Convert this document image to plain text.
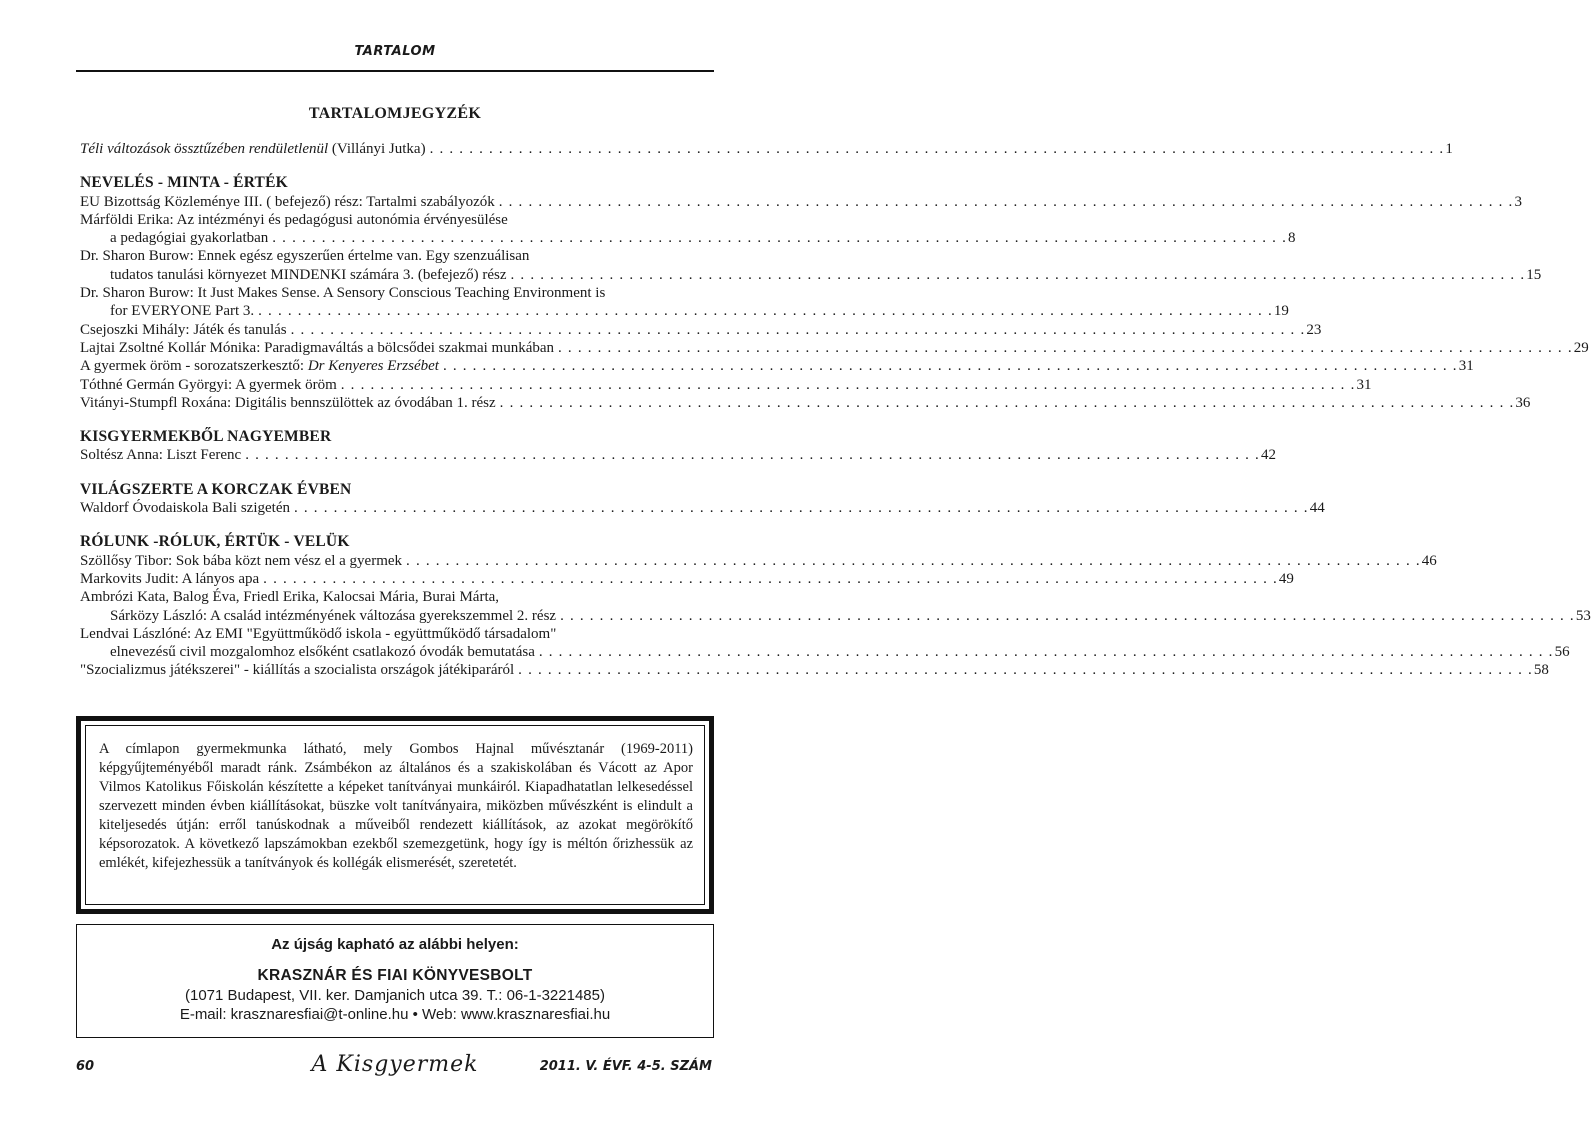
TARTALOM
TARTALOMJEGYZÉK
Téli változások össztűzében rendületlenül (Villányi Jutka) . . .	1
NEVELÉS - MINTA - ÉRTÉK
EU Bizottság Közleménye III. ( befejező) rész: Tartalmi szabályozók . . .	3
Márföldi Erika: Az intézményi és pedagógusi autonómia érvényesülése
a pedagógiai gyakorlatban . . .	8
Dr. Sharon Burow: Ennek egész egyszerűen értelme van. Egy szenzuálisan
tudatos tanulási környezet MINDENKI számára 3. (befejező) rész . . .	15
Dr. Sharon Burow: It Just Makes Sense. A Sensory Conscious Teaching Environment is
for EVERYONE Part 3. . . .	19
Csejoszki Mihály: Játék és tanulás . . .	23
Lajtai Zsoltné Kollár Mónika: Paradigmaváltás a bölcsődei szakmai munkában . . .	29
A gyermek öröm - sorozatszerkesztő: Dr Kenyeres Erzsébet . . .	31
Tóthné Germán Györgyi: A gyermek öröm . . .	31
Vitányi-Stumpfl Roxána: Digitális bennszülöttek az óvodában 1. rész . . .	36
KISGYERMEKBŐL NAGYEMBER
Soltész Anna: Liszt Ferenc . . .	42
VILÁGSZERTE A KORCZAK ÉVBEN
Waldorf Óvodaiskola Bali szigetén . . .	44
RÓLUNK -RÓLUK, ÉRTÜK - VELÜK
Szöllősy Tibor: Sok bába közt nem vész el a gyermek . . .	46
Markovits Judit: A lányos apa . . .	49
Ambrózi Kata, Balog Éva, Friedl Erika, Kalocsai Mária, Burai Márta,
Sárközy László: A család intézményének változása gyerekszemmel 2. rész . . .	53
Lendvai Lászlóné: Az EMI "Együttműködő iskola - együttműködő társadalom"
elnevezésű civil mozgalomhoz elsőként csatlakozó óvodák bemutatása . . .	56
"Szocializmus játékszerei" - kiállítás a szocialista országok játékiparáról . . .	58
A címlapon gyermekmunka látható, mely Gombos Hajnal művésztanár (1969-2011) képgyűjteményéből maradt ránk. Zsámbékon az általános és a szakiskolában és Vácott az Apor Vilmos Katolikus Főiskolán készítette a képeket tanítványai munkáiról. Kiapadhatatlan lelkesedéssel szervezett minden évben kiállításokat, büszke volt tanítványaira, miközben művészként is elindult a kiteljesedés útján: erről tanúskodnak a műveiből rendezett kiállítások, az azokat megörökítő képsorozatok. A következő lapszámokban ezekből szemezgetünk, hogy így is méltón őrizhessük az emlékét, kifejezhessük a tanítványok és kollégák elismerését, szeretetét.
Az újság kapható az alábbi helyen:
KRASZNÁR ÉS FIAI KÖNYVESBOLT
(1071 Budapest, VII. ker. Damjanich utca 39. T.: 06-1-3221485)
E-mail: krasznaresfiai@t-online.hu • Web: www.krasznaresfiai.hu
60	A Kisgyermek	2011. V. ÉVF. 4-5. SZÁM
